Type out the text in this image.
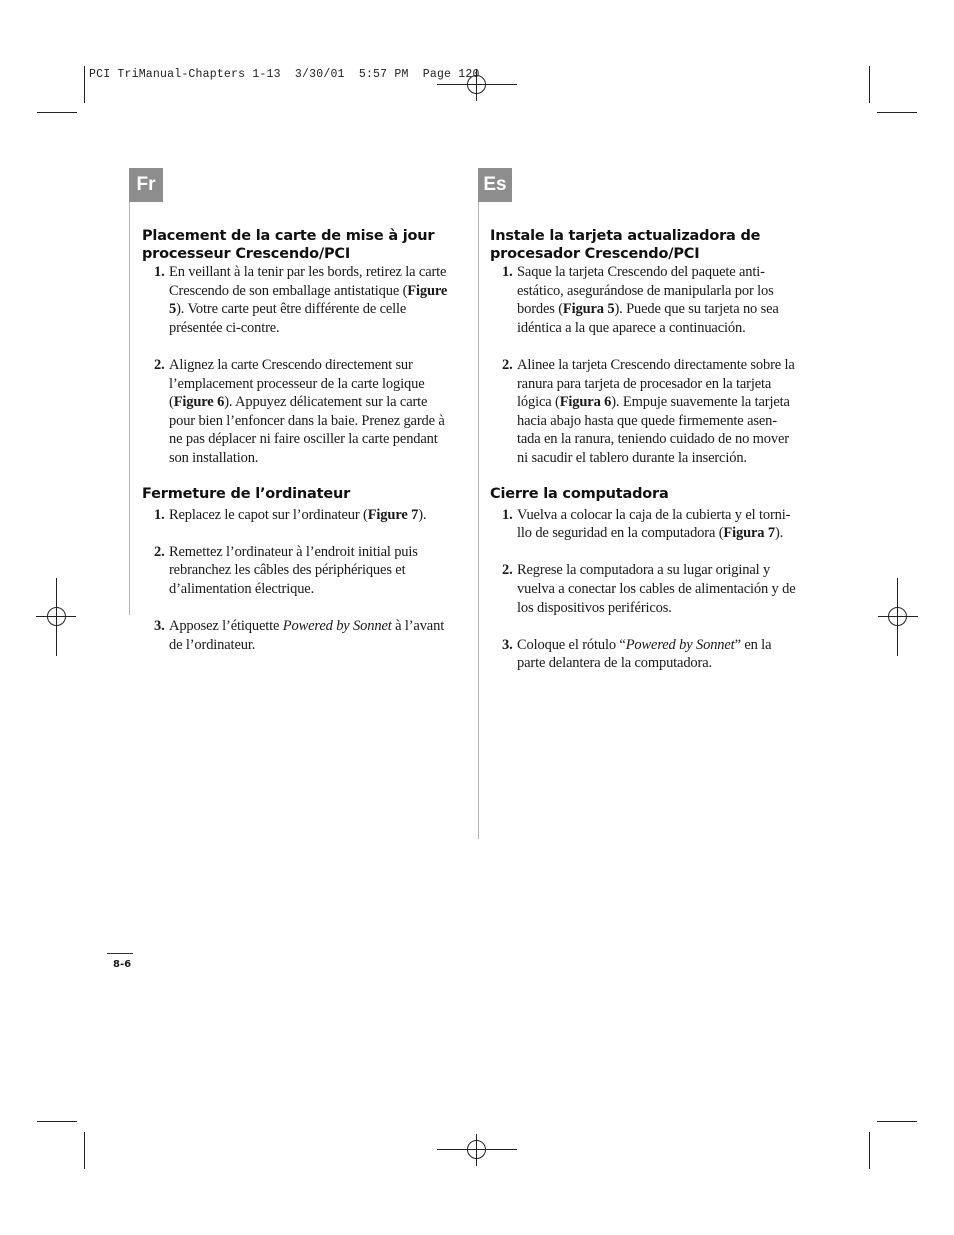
PCI TriManual-Chapters 1-13  3/30/01  5:57 PM  Page 120
Fr	Es
Placement de la carte de mise à jour processeur Crescendo/PCI
1 . En veillant à la tenir par les bords, retirez la carte Crescendo de son emballage antistatique (Figure 5). Votre carte peut être différente de celle présentée ci-contre.
2 . Alignez la carte Crescendo directement sur l’emplacement processeur de la carte logique (Figure 6). Appuyez délicatement sur la carte pour bien l’enfoncer dans la baie. Prenez garde à ne pas déplacer ni faire osciller la carte pendant son installation.
Fermeture de l’ordinateur
1 . Replacez le capot sur l’ordinateur (Figure 7).
2 . Remettez l’ordinateur à l’endroit initial puis rebranchez les câbles des périphériques et d’alimentation électrique.
3 . Apposez l’étiquette Powered by Sonnet à l’avant de l’ordinateur.
Instale la tarjeta actualizadora de procesador Crescendo/PCI
1 . Saque la tarjeta Crescendo del paquete anti-estático, asegurándose de manipularla por los bordes (Figura 5). Puede que su tarjeta no sea idéntica a la que aparece a continuación.
2 . Alinee la tarjeta Crescendo directamente sobre la ranura para tarjeta de procesador en la tarjeta lógica (Figura 6). Empuje suavemente la tarjeta hacia abajo hasta que quede firmemente asen-tada en la ranura, teniendo cuidado de no mover ni sacudir el tablero durante la inserción.
Cierre la computadora
1 . Vuelva a colocar la caja de la cubierta y el torni-llo de seguridad en la computadora (Figura 7).
2 . Regrese la computadora a su lugar original y vuelva a conectar los cables de alimentación y de los dispositivos periféricos.
3 . Coloque el rótulo “Powered by Sonnet” en la parte delantera de la computadora.
8-6
